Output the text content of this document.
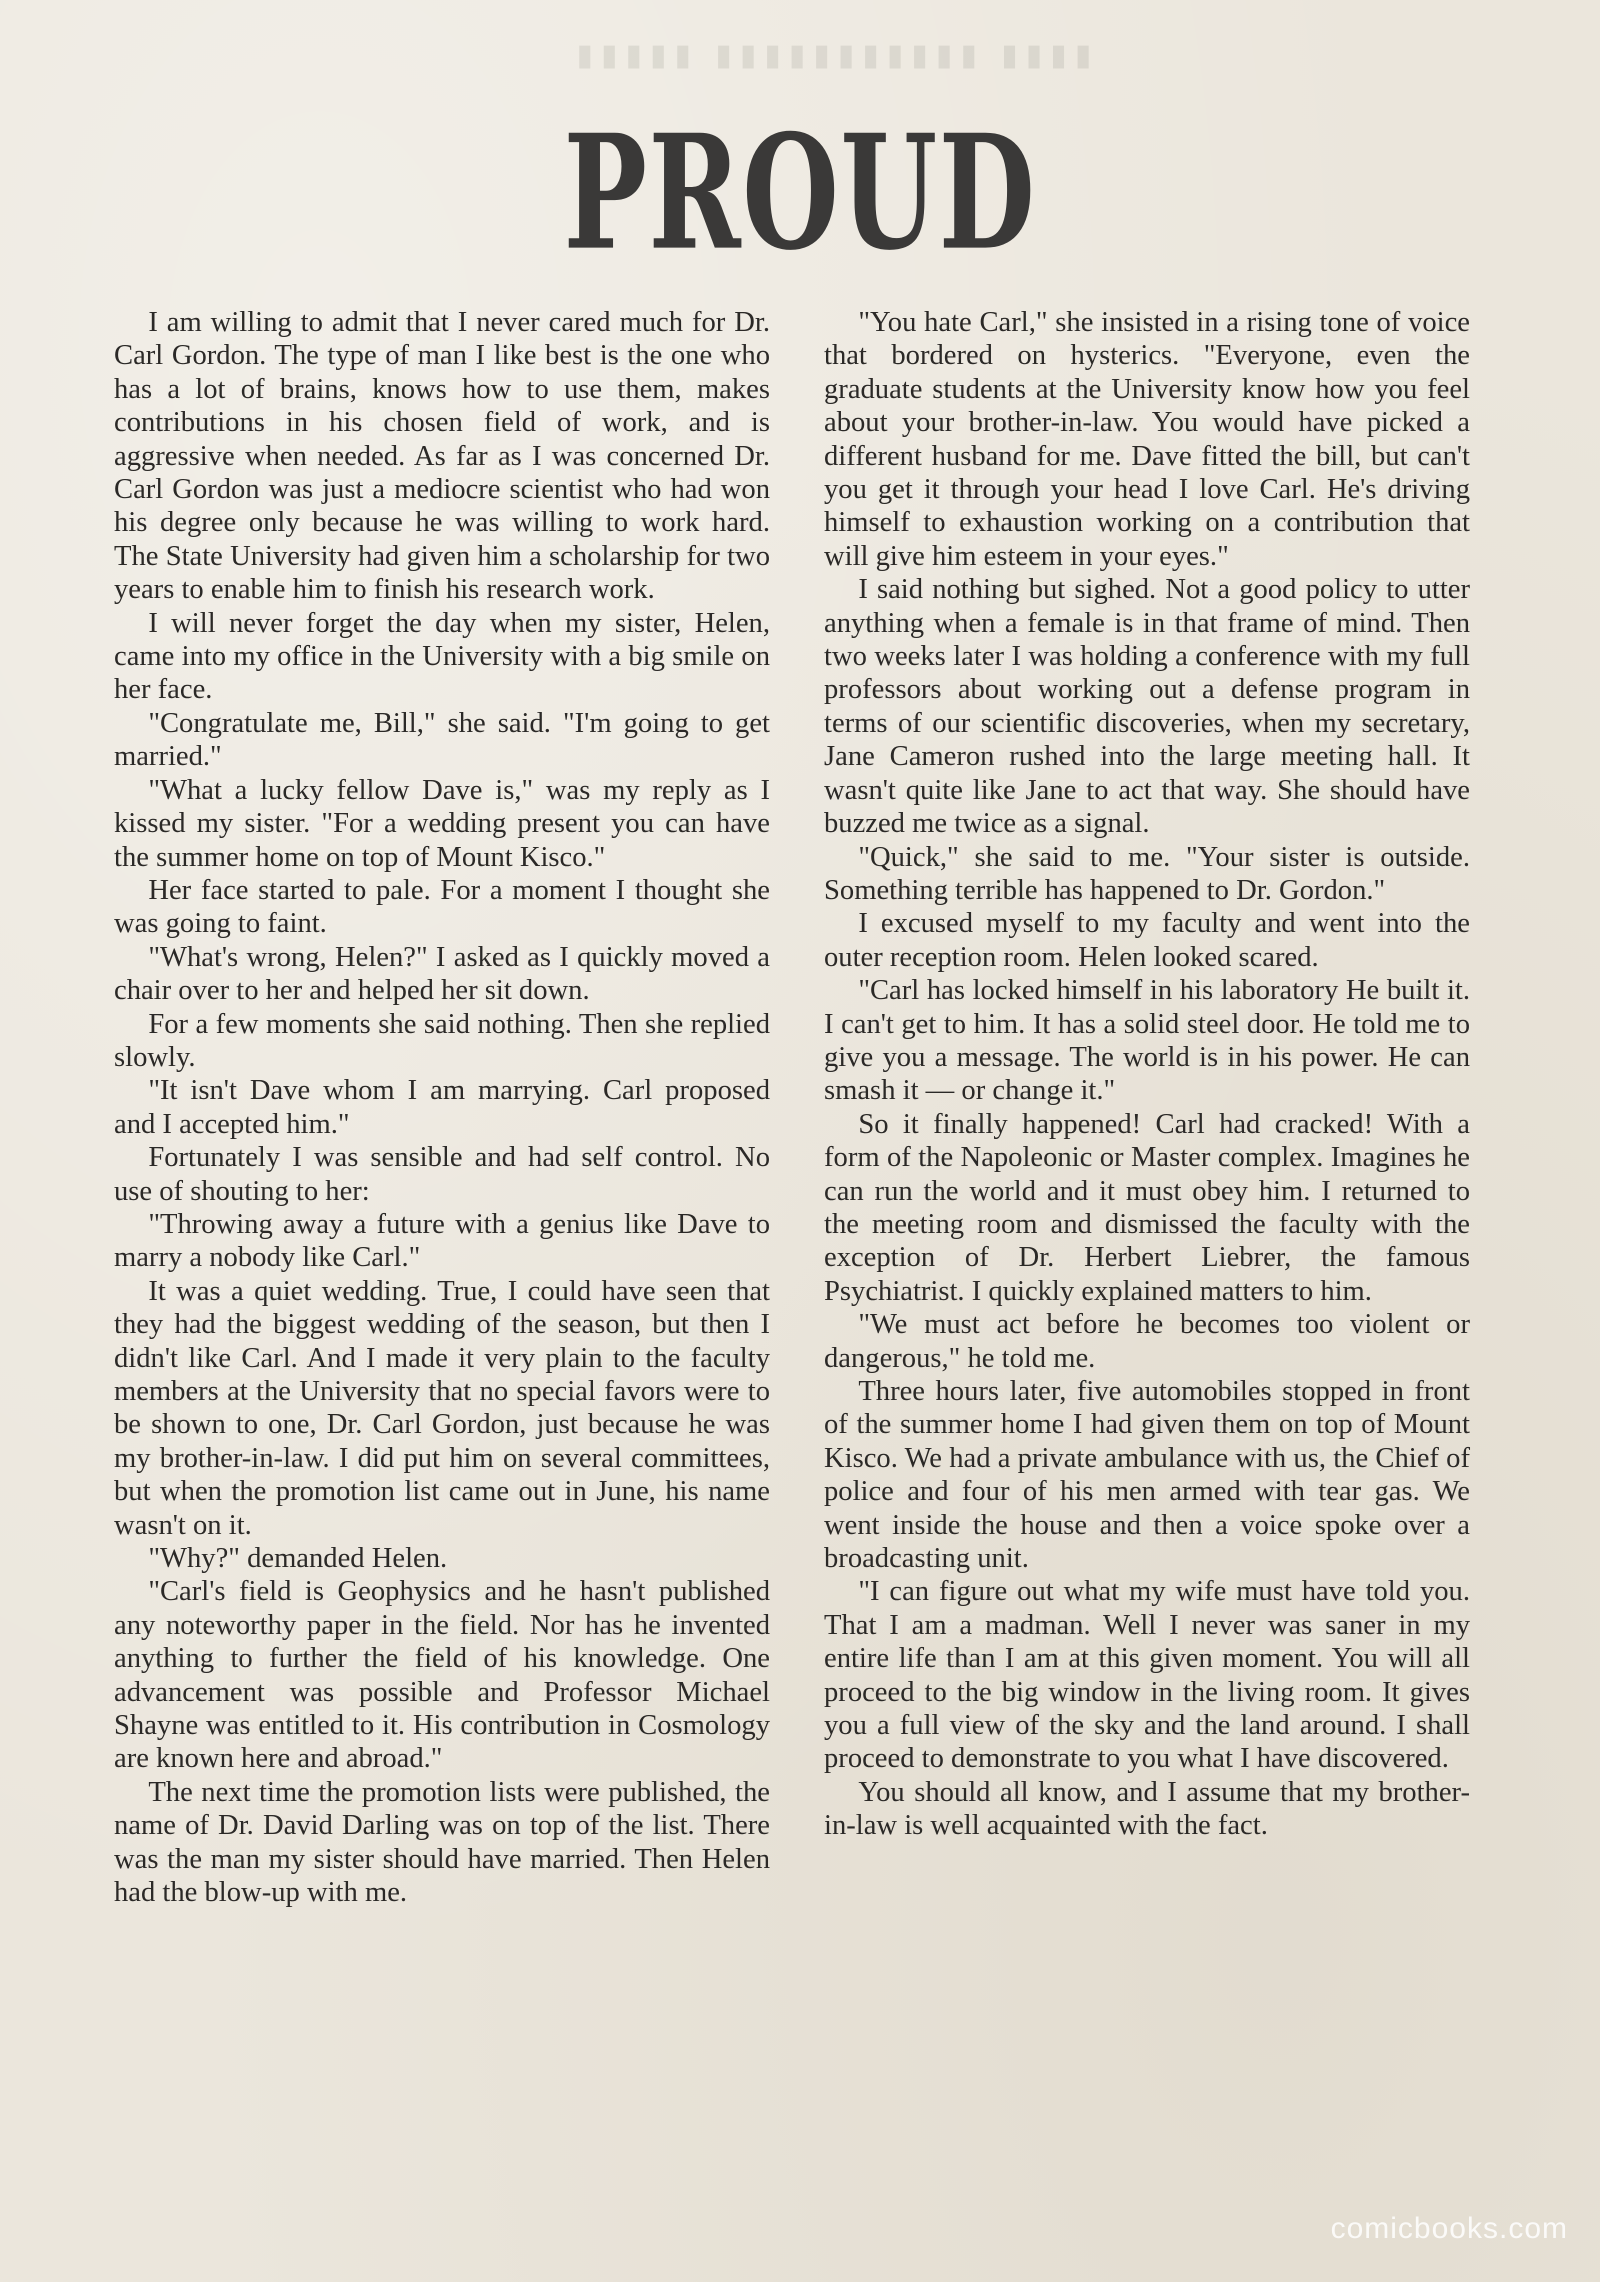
▮▮▮▮ ▮▮▮▮▮▮▮▮▮▮▮ ▮▮▮▮▮
PROUD

I am willing to admit that I never cared much for Dr. Carl Gordon. The type of man I like best is the one who has a lot of brains, knows how to use them, makes contributions in his chosen field of work, and is aggressive when needed. As far as I was concerned Dr. Carl Gordon was just a mediocre scientist who had won his degree only because he was willing to work hard. The State University had given him a scholarship for two years to enable him to finish his research work.

I will never forget the day when my sister, Helen, came into my office in the University with a big smile on her face.

"Congratulate me, Bill," she said. "I'm going to get married."

"What a lucky fellow Dave is," was my reply as I kissed my sister. "For a wedding present you can have the summer home on top of Mount Kisco."

Her face started to pale. For a moment I thought she was going to faint.

"What's wrong, Helen?" I asked as I quickly moved a chair over to her and helped her sit down.

For a few moments she said nothing. Then she replied slowly.

"It isn't Dave whom I am marrying. Carl proposed and I accepted him."

Fortunately I was sensible and had self control. No use of shouting to her:

"Throwing away a future with a genius like Dave to marry a nobody like Carl."

It was a quiet wedding. True, I could have seen that they had the biggest wedding of the season, but then I didn't like Carl. And I made it very plain to the faculty members at the University that no special favors were to be shown to one, Dr. Carl Gordon, just because he was my brother-in-law. I did put him on several committees, but when the promotion list came out in June, his name wasn't on it.

"Why?" demanded Helen.

"Carl's field is Geophysics and he hasn't published any noteworthy paper in the field. Nor has he invented anything to further the field of his knowledge. One advancement was possible and Professor Michael Shayne was entitled to it. His contribution in Cosmology are known here and abroad."

The next time the promotion lists were published, the name of Dr. David Darling was on top of the list. There was the man my sister should have married. Then Helen had the blow-up with me.

"You hate Carl," she insisted in a rising tone of voice that bordered on hysterics. "Everyone, even the graduate students at the University know how you feel about your brother-in-law. You would have picked a different husband for me. Dave fitted the bill, but can't you get it through your head I love Carl. He's driving himself to exhaustion working on a contribution that will give him esteem in your eyes."

I said nothing but sighed. Not a good policy to utter anything when a female is in that frame of mind. Then two weeks later I was holding a conference with my full professors about working out a defense program in terms of our scientific discoveries, when my secretary, Jane Cameron rushed into the large meeting hall. It wasn't quite like Jane to act that way. She should have buzzed me twice as a signal.

"Quick," she said to me. "Your sister is outside. Something terrible has happened to Dr. Gordon."

I excused myself to my faculty and went into the outer reception room. Helen looked scared.

"Carl has locked himself in his laboratory He built it. I can't get to him. It has a solid steel door. He told me to give you a message. The world is in his power. He can smash it — or change it."

So it finally happened! Carl had cracked! With a form of the Napoleonic or Master complex. Imagines he can run the world and it must obey him. I returned to the meeting room and dismissed the faculty with the exception of Dr. Herbert Liebrer, the famous Psychiatrist. I quickly explained matters to him.

"We must act before he becomes too violent or dangerous," he told me.

Three hours later, five automobiles stopped in front of the summer home I had given them on top of Mount Kisco. We had a private ambulance with us, the Chief of police and four of his men armed with tear gas. We went inside the house and then a voice spoke over a broadcasting unit.

"I can figure out what my wife must have told you. That I am a madman. Well I never was saner in my entire life than I am at this given moment. You will all proceed to the big window in the living room. It gives you a full view of the sky and the land around. I shall proceed to demonstrate to you what I have discovered.

You should all know, and I assume that my brother-in-law is well acquainted with the fact.

comicbooks.com
